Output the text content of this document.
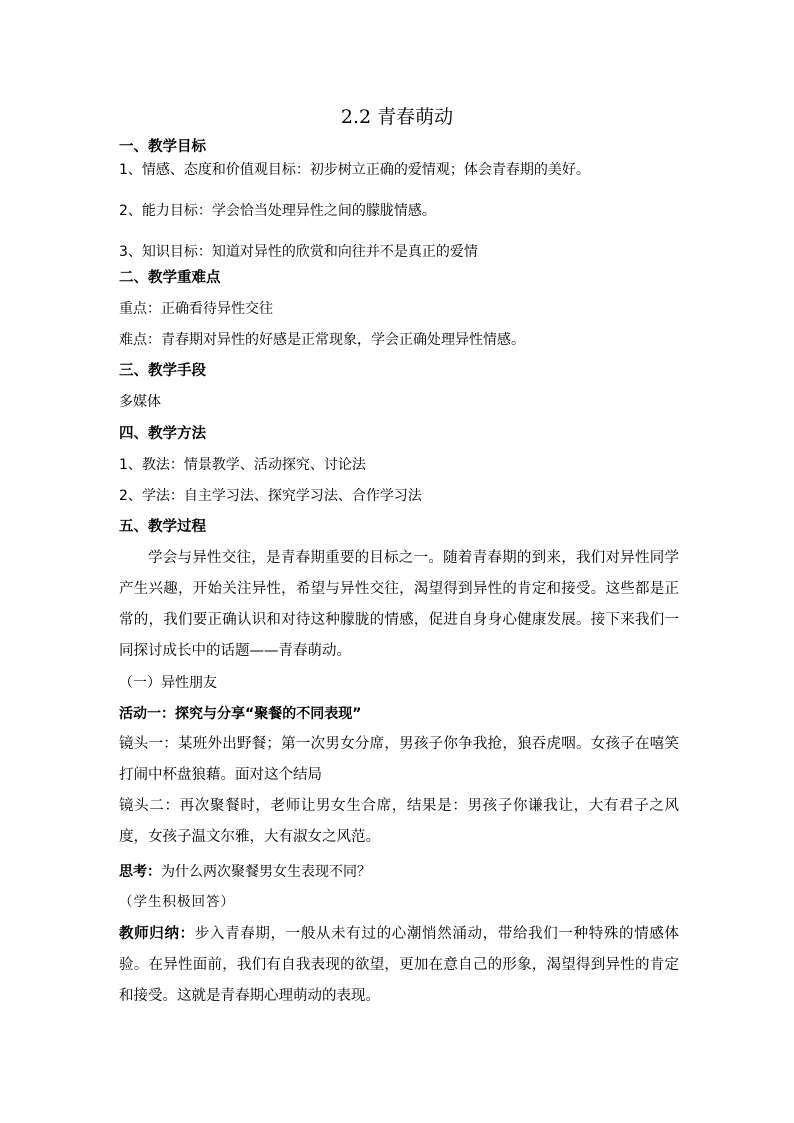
2.2 青春萌动
一、教学目标
1、情感、态度和价值观目标：初步树立正确的爱情观；体会青春期的美好。
2、能力目标：学会恰当处理异性之间的朦胧情感。
3、知识目标：知道对异性的欣赏和向往并不是真正的爱情
二、教学重难点
重点：正确看待异性交往
难点：青春期对异性的好感是正常现象，学会正确处理异性情感。
三、教学手段
多媒体
四、教学方法
1、教法：情景教学、活动探究、讨论法
2、学法：自主学习法、探究学习法、合作学习法
五、教学过程
学会与异性交往，是青春期重要的目标之一。随着青春期的到来，我们对异性同学产生兴趣，开始关注异性，希望与异性交往，渴望得到异性的肯定和接受。这些都是正常的，我们要正确认识和对待这种朦胧的情感，促进自身身心健康发展。接下来我们一同探讨成长中的话题——青春萌动。
（一）异性朋友
活动一：探究与分享“聚餐的不同表现”
镜头一：某班外出野餐；第一次男女分席，男孩子你争我抢，狼吞虎咽。女孩子在嘻笑打闹中杯盘狼藉。面对这个结局
镜头二：再次聚餐时，老师让男女生合席，结果是：男孩子你谦我让，大有君子之风度，女孩子温文尔雅，大有淑女之风范。
思考：为什么两次聚餐男女生表现不同？
（学生积极回答）
教师归纳：步入青春期，一般从未有过的心潮悄然涌动，带给我们一种特殊的情感体验。在异性面前，我们有自我表现的欲望，更加在意自己的形象，渴望得到异性的肯定和接受。这就是青春期心理萌动的表现。
